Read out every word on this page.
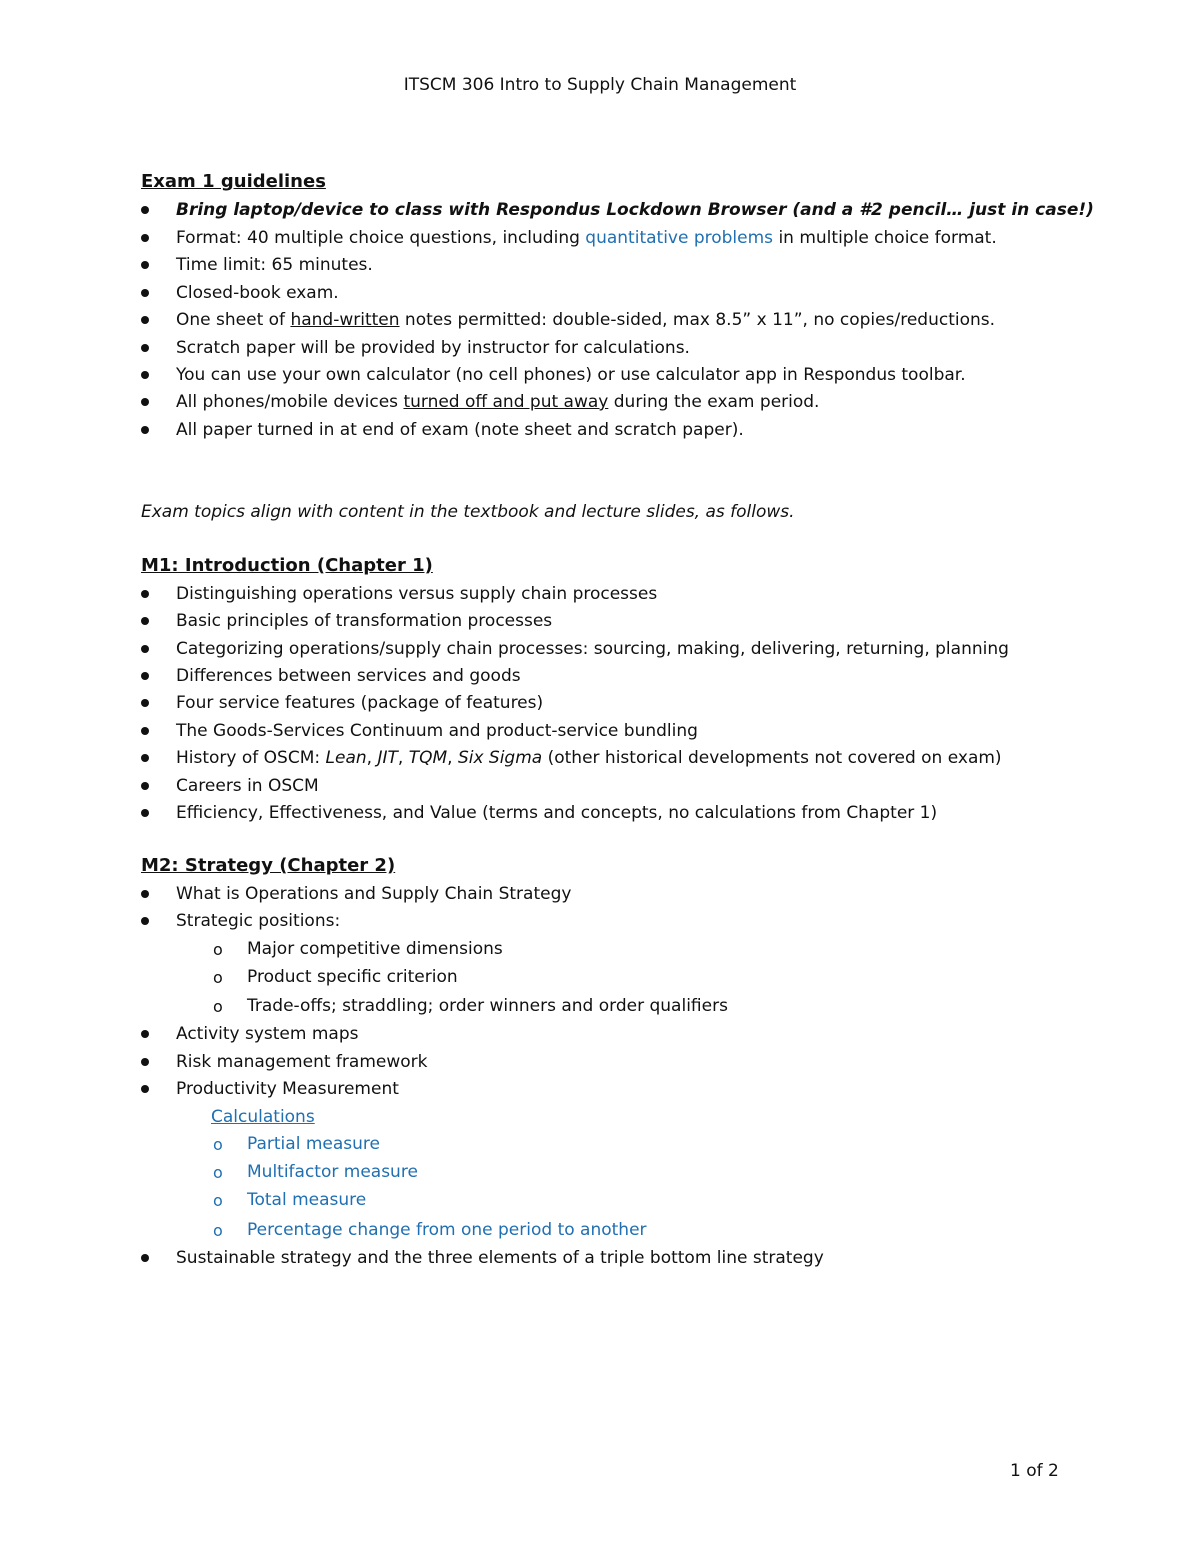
ITSCM 306 Intro to Supply Chain Management
Exam 1 guidelines
Bring laptop/device to class with Respondus Lockdown Browser (and a #2 pencil… just in case!)
Format: 40 multiple choice questions, including quantitative problems in multiple choice format.
Time limit: 65 minutes.
Closed-book exam.
One sheet of hand-written notes permitted: double-sided, max 8.5” x 11”, no copies/reductions.
Scratch paper will be provided by instructor for calculations.
You can use your own calculator (no cell phones) or use calculator app in Respondus toolbar.
All phones/mobile devices turned off and put away during the exam period.
All paper turned in at end of exam (note sheet and scratch paper).
Exam topics align with content in the textbook and lecture slides, as follows.
M1: Introduction (Chapter 1)
Distinguishing operations versus supply chain processes
Basic principles of transformation processes
Categorizing operations/supply chain processes: sourcing, making, delivering, returning, planning
Differences between services and goods
Four service features (package of features)
The Goods-Services Continuum and product-service bundling
History of OSCM: Lean, JIT, TQM, Six Sigma (other historical developments not covered on exam)
Careers in OSCM
Efficiency, Effectiveness, and Value (terms and concepts, no calculations from Chapter 1)
M2: Strategy (Chapter 2)
What is Operations and Supply Chain Strategy
Strategic positions:
o Major competitive dimensions
o Product specific criterion
o Trade-offs; straddling; order winners and order qualifiers
Activity system maps
Risk management framework
Productivity Measurement
Calculations
o Partial measure
o Multifactor measure
o Total measure
o Percentage change from one period to another
Sustainable strategy and the three elements of a triple bottom line strategy
1 of 2
